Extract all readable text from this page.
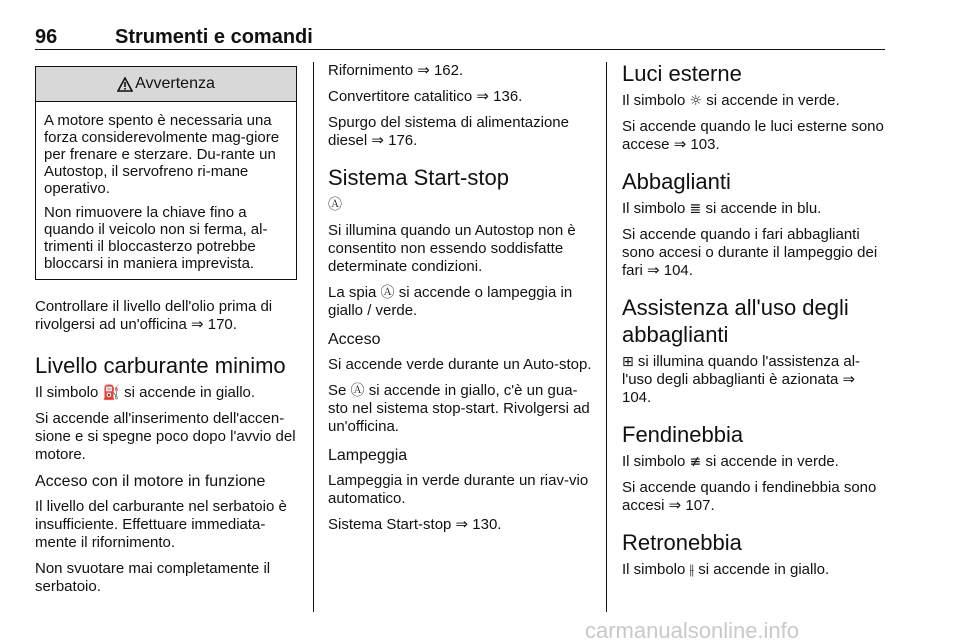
96	Strumenti e comandi
Avvertenza

A motore spento è necessaria una forza considerevolmente mag-giore per frenare e sterzare. Du-rante un Autostop, il servofreno ri-mane operativo.

Non rimuovere la chiave fino a quando il veicolo non si ferma, al-trimenti il bloccasterzo potrebbe bloccarsi in maniera imprevista.

Controllare il livello dell'olio prima di rivolgersi ad un'officina ⇒ 170.

Livello carburante minimo

Il simbolo ⛽ si accende in giallo.

Si accende all'inserimento dell'accen-sione e si spegne poco dopo l'avvio del motore.

Acceso con il motore in funzione

Il livello del carburante nel serbatoio è insufficiente. Effettuare immediata-mente il rifornimento.

Non svuotare mai completamente il serbatoio.

Rifornimento ⇒ 162.

Convertitore catalitico ⇒ 136.

Spurgo del sistema di alimentazione diesel ⇒ 176.

Sistema Start-stop

Ⓐ

Si illumina quando un Autostop non è consentito non essendo soddisfatte determinate condizioni.

La spia Ⓐ si accende o lampeggia in giallo / verde.

Acceso

Si accende verde durante un Auto-stop.

Se Ⓐ si accende in giallo, c'è un gua-sto nel sistema stop-start. Rivolgersi ad un'officina.

Lampeggia

Lampeggia in verde durante un riav-vio automatico.

Sistema Start-stop ⇒ 130.

Luci esterne

Il simbolo ☼ si accende in verde.

Si accende quando le luci esterne sono accese ⇒ 103.

Abbaglianti

Il simbolo ≣ si accende in blu.

Si accende quando i fari abbaglianti sono accesi o durante il lampeggio dei fari ⇒ 104.

Assistenza all'uso degli abbaglianti

⊞ si illumina quando l'assistenza al-l'uso degli abbaglianti è azionata ⇒ 104.

Fendinebbia

Il simbolo ≢ si accende in verde.

Si accende quando i fendinebbia sono accesi ⇒ 107.

Retronebbia

Il simbolo ⫲ si accende in giallo.

carmanualsonline.info
